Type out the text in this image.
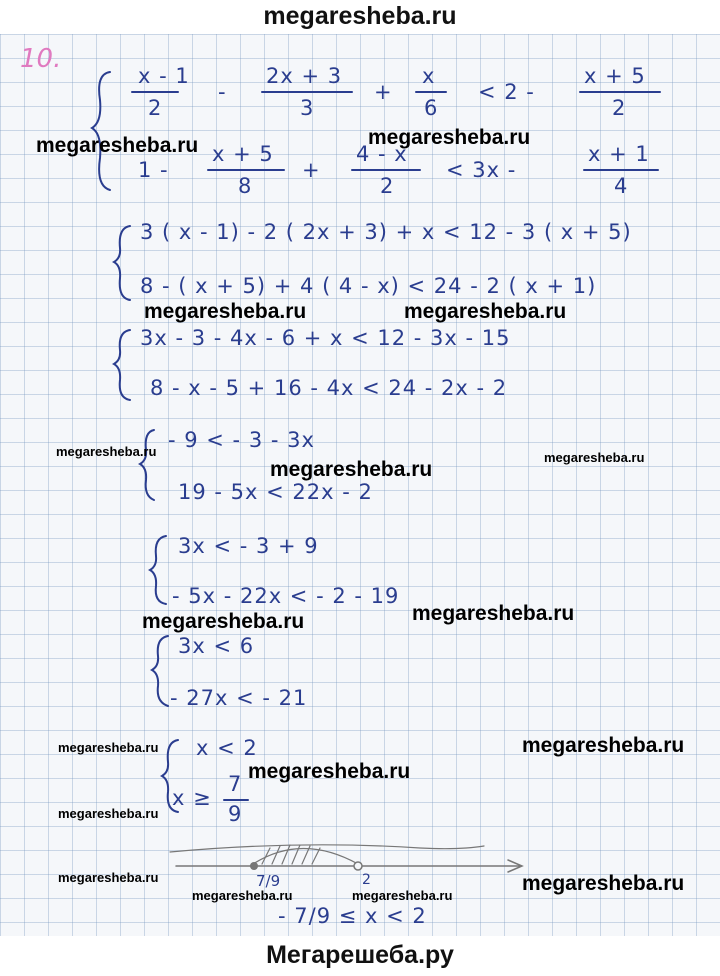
megaresheba.ru
10.
x - 1
2
-
2x + 3
3
+
x
6
< 2 -
x + 5
2
1 -
x + 5
8
+
4 - x
2
< 3x -
x + 1
4
3 ( x - 1) - 2 ( 2x + 3) + x < 12 - 3 ( x + 5)
8 - ( x + 5) + 4 ( 4 - x) < 24 - 2 ( x + 1)
3x - 3 - 4x - 6 + x < 12 - 3x - 15
8 - x - 5 + 16 - 4x < 24 - 2x - 2
- 9 < - 3 - 3x
19 - 5x < 22x - 2
3x < - 3 + 9
- 5x - 22x < - 2 - 19
3x < 6
- 27x < - 21
x < 2
x ≥
7
9
7/9	2
- 7/9 ≤ x < 2
megaresheba.ru	megaresheba.ru
megaresheba.ru	megaresheba.ru
megaresheba.ru
megaresheba.ru
megaresheba.ru
megaresheba.ru
megaresheba.ru
megaresheba.ru	megaresheba.ru
megaresheba.ru
megaresheba.ru
megaresheba.ru	megaresheba.ru
megaresheba.ru	megaresheba.ru
Мегарешеба.ру
